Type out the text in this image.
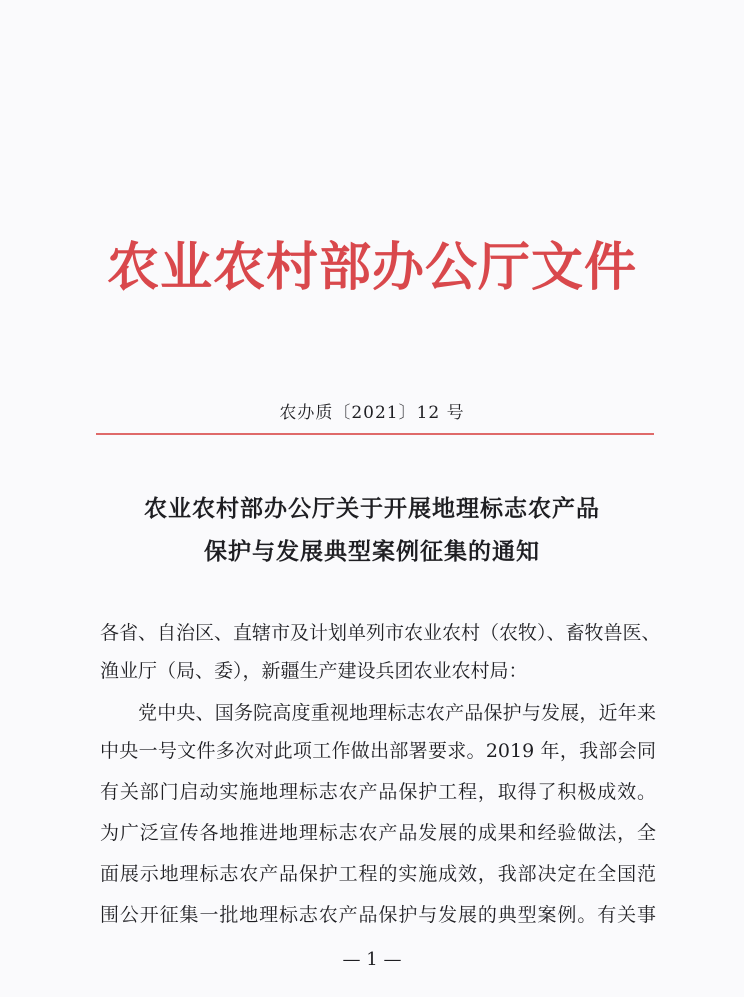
农业农村部办公厅文件
农办质〔2021〕12 号
农业农村部办公厅关于开展地理标志农产品
保护与发展典型案例征集的通知
各省、自治区、直辖市及计划单列市农业农村（农牧）、畜牧兽医、
渔业厅（局、委），新疆生产建设兵团农业农村局：
党中央、国务院高度重视地理标志农产品保护与发展，近年来
中央一号文件多次对此项工作做出部署要求。2019 年，我部会同
有关部门启动实施地理标志农产品保护工程，取得了积极成效。
为广泛宣传各地推进地理标志农产品发展的成果和经验做法，全
面展示地理标志农产品保护工程的实施成效，我部决定在全国范
围公开征集一批地理标志农产品保护与发展的典型案例。有关事
— 1 —
